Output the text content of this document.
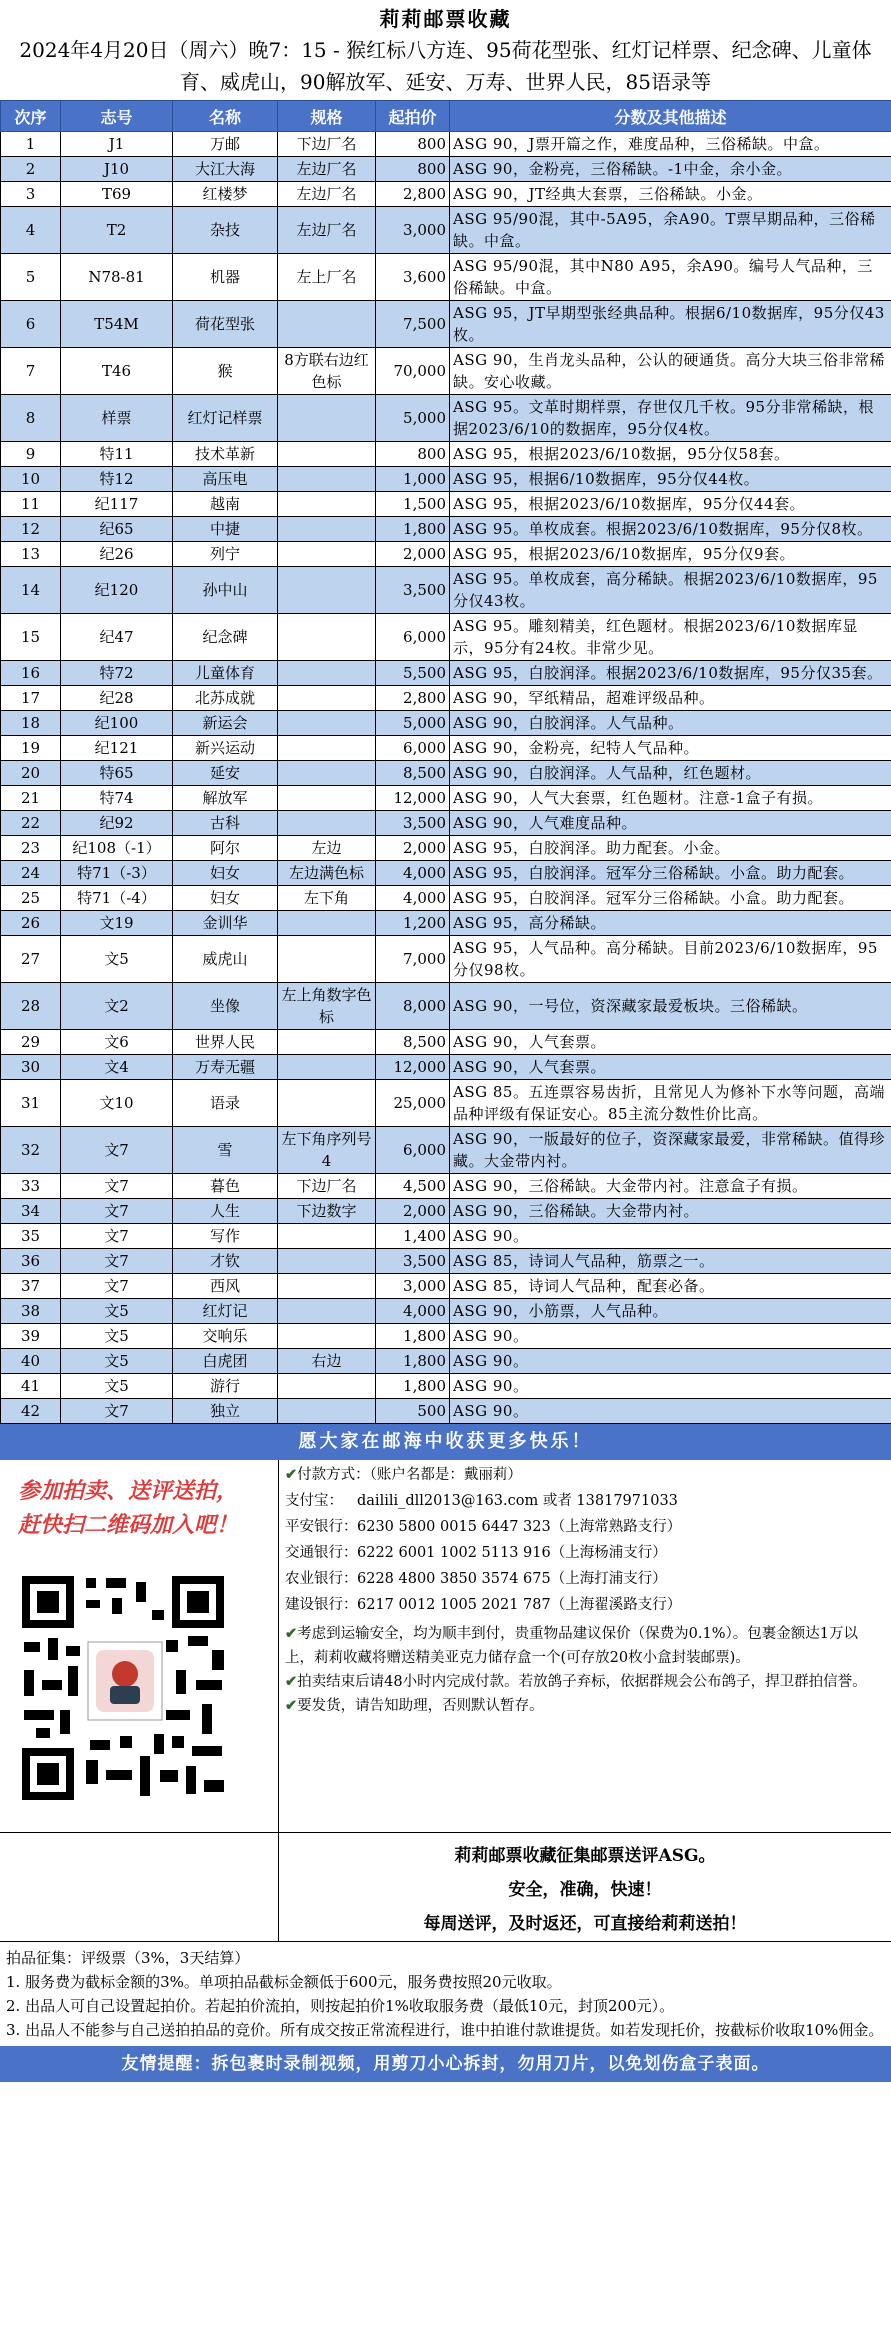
莉莉邮票收藏
2024年4月20日（周六）晚7：15 - 猴红标八方连、95荷花型张、红灯记样票、纪念碑、儿童体育、威虎山，90解放军、延安、万寿、世界人民，85语录等
次序	志号	名称	规格	起拍价	分数及其他描述
1	J1	万邮	下边厂名	800	ASG 90，J票开篇之作，难度品种，三俗稀缺。中盒。
2	J10	大江大海	左边厂名	800	ASG 90，金粉亮，三俗稀缺。-1中金，余小金。
3	T69	红楼梦	左边厂名	2,800	ASG 90，JT经典大套票，三俗稀缺。小金。
4	T2	杂技	左边厂名	3,000	ASG 95/90混，其中-5A95，余A90。T票早期品种，三俗稀缺。中盒。
5	N78-81	机器	左上厂名	3,600	ASG 95/90混，其中N80 A95，余A90。编号人气品种，三俗稀缺。中盒。
6	T54M	荷花型张		7,500	ASG 95，JT早期型张经典品种。根据6/10数据库，95分仅43枚。
7	T46	猴	8方联右边红色标	70,000	ASG 90，生肖龙头品种，公认的硬通货。高分大块三俗非常稀缺。安心收藏。
8	样票	红灯记样票		5,000	ASG 95。文革时期样票，存世仅几千枚。95分非常稀缺，根据2023/6/10的数据库，95分仅4枚。
9	特11	技术革新		800	ASG 95，根据2023/6/10数据，95分仅58套。
10	特12	高压电		1,000	ASG 95，根据6/10数据库，95分仅44枚。
11	纪117	越南		1,500	ASG 95，根据2023/6/10数据库，95分仅44套。
12	纪65	中捷		1,800	ASG 95。单枚成套。根据2023/6/10数据库，95分仅8枚。
13	纪26	列宁		2,000	ASG 95，根据2023/6/10数据库，95分仅9套。
14	纪120	孙中山		3,500	ASG 95。单枚成套，高分稀缺。根据2023/6/10数据库，95分仅43枚。
15	纪47	纪念碑		6,000	ASG 95。雕刻精美，红色题材。根据2023/6/10数据库显示，95分有24枚。非常少见。
16	特72	儿童体育		5,500	ASG 95，白胶润泽。根据2023/6/10数据库，95分仅35套。
17	纪28	北苏成就		2,800	ASG 90，罕纸精品，超难评级品种。
18	纪100	新运会		5,000	ASG 90，白胶润泽。人气品种。
19	纪121	新兴运动		6,000	ASG 90，金粉亮，纪特人气品种。
20	特65	延安		8,500	ASG 90，白胶润泽。人气品种，红色题材。
21	特74	解放军		12,000	ASG 90，人气大套票，红色题材。注意-1盒子有损。
22	纪92	古科		3,500	ASG 90，人气难度品种。
23	纪108（-1）	阿尔	左边	2,000	ASG 95，白胶润泽。助力配套。小金。
24	特71（-3）	妇女	左边满色标	4,000	ASG 95，白胶润泽。冠军分三俗稀缺。小盒。助力配套。
25	特71（-4）	妇女	左下角	4,000	ASG 95，白胶润泽。冠军分三俗稀缺。小盒。助力配套。
26	文19	金训华		1,200	ASG 95，高分稀缺。
27	文5	威虎山		7,000	ASG 95，人气品种。高分稀缺。目前2023/6/10数据库，95分仅98枚。
28	文2	坐像	左上角数字色标	8,000	ASG 90，一号位，资深藏家最爱板块。三俗稀缺。
29	文6	世界人民		8,500	ASG 90，人气套票。
30	文4	万寿无疆		12,000	ASG 90，人气套票。
31	文10	语录		25,000	ASG 85。五连票容易齿折，且常见人为修补下水等问题，高端品种评级有保证安心。85主流分数性价比高。
32	文7	雪	左下角序列号4	6,000	ASG 90，一版最好的位子，资深藏家最爱，非常稀缺。值得珍藏。大金带内衬。
33	文7	暮色	下边厂名	4,500	ASG 90，三俗稀缺。大金带内衬。注意盒子有损。
34	文7	人生	下边数字	2,000	ASG 90，三俗稀缺。大金带内衬。
35	文7	写作		1,400	ASG 90。
36	文7	才钦		3,500	ASG 85，诗词人气品种，筋票之一。
37	文7	西风		3,000	ASG 85，诗词人气品种，配套必备。
38	文5	红灯记		4,000	ASG 90，小筋票，人气品种。
39	文5	交响乐		1,800	ASG 90。
40	文5	白虎团	右边	1,800	ASG 90。
41	文5	游行		1,800	ASG 90。
42	文7	独立		500	ASG 90。
愿大家在邮海中收获更多快乐！
参加拍卖、送评送拍，
赶快扫二维码加入吧！
✔付款方式：（账户名都是：戴丽莉）
支付宝： dailili_dll2013@163.com 或者 13817971033
平安银行：6230 5800 0015 6447 323（上海常熟路支行）
交通银行：6222 6001 1002 5113 916（上海杨浦支行）
农业银行：6228 4800 3850 3574 675（上海打浦支行）
建设银行：6217 0012 1005 2021 787（上海翟溪路支行）

✔考虑到运输安全，均为顺丰到付，贵重物品建议保价（保费为0.1%）。包裹金额达1万以上，莉莉收藏将赠送精美亚克力储存盒一个(可存放20枚小盒封装邮票)。

✔拍卖结束后请48小时内完成付款。若放鸽子弃标，依据群规会公布鸽子，捍卫群拍信誉。

✔要发货，请告知助理，否则默认暂存。

莉莉邮票收藏征集邮票送评ASG。
安全，准确，快速！
每周送评，及时返还，可直接给莉莉送拍！

拍品征集：评级票（3%，3天结算）

1. 服务费为截标金额的3%。单项拍品截标金额低于600元，服务费按照20元收取。

2. 出品人可自己设置起拍价。若起拍价流拍，则按起拍价1%收取服务费（最低10元，封顶200元）。

3. 出品人不能参与自己送拍拍品的竞价。所有成交按正常流程进行，谁中拍谁付款谁提货。如若发现托价，按截标价收取10%佣金。

友情提醒：拆包裹时录制视频，用剪刀小心拆封，勿用刀片，以免划伤盒子表面。
